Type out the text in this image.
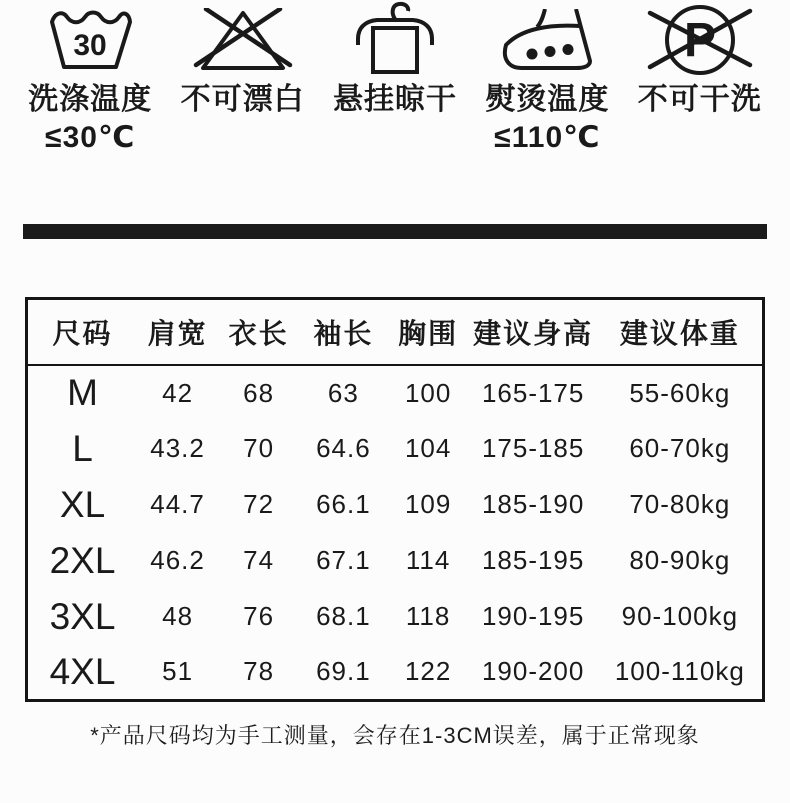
30
洗涤温度
≤30℃
不可漂白 悬挂晾干 熨烫温度
≤110℃
P
不可干洗
尺码	肩宽	衣长	袖长	胸围	建议身高	建议体重
M	42	68	63	100	165-175	55-60kg
L	43.2	70	64.6	104	175-185	60-70kg
XL	44.7	72	66.1	109	185-190	70-80kg
2XL	46.2	74	67.1	114	185-195	80-90kg
3XL	48	76	68.1	118	190-195	90-100kg
4XL	51	78	69.1	122	190-200	100-110kg
*产品尺码均为手工测量，会存在1-3CM误差，属于正常现象
